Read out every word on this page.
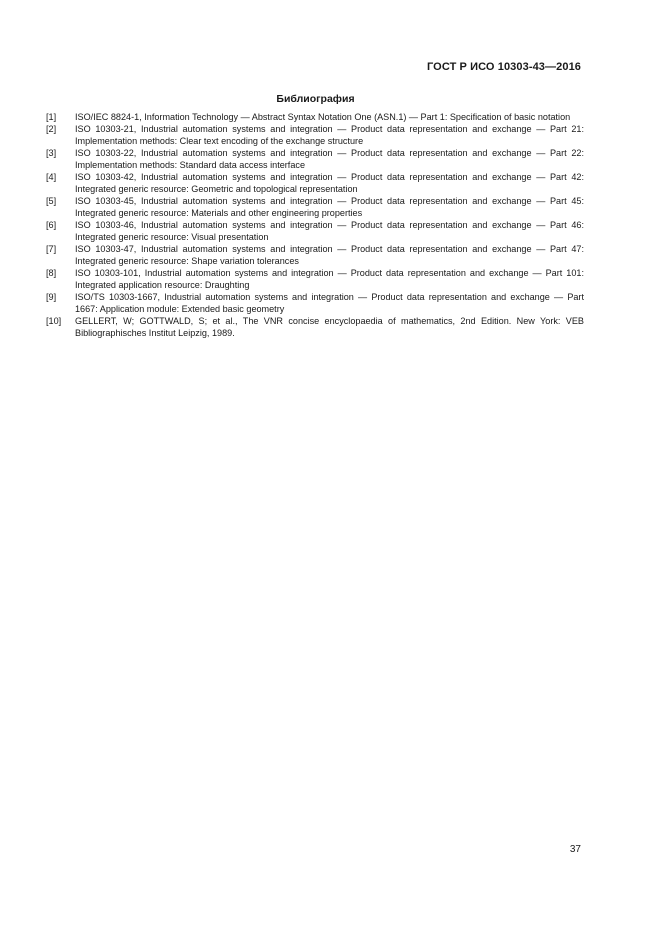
ГОСТ Р ИСО 10303-43—2016
Библиография
[1]	ISO/IEC 8824-1, Information Technology — Abstract Syntax Notation One (ASN.1) — Part 1: Specification of basic notation
[2]	ISO 10303-21, Industrial automation systems and integration — Product data representation and exchange — Part 21: Implementation methods: Clear text encoding of the exchange structure
[3]	ISO 10303-22, Industrial automation systems and integration — Product data representation and exchange — Part 22: Implementation methods: Standard data access interface
[4]	ISO 10303-42, Industrial automation systems and integration — Product data representation and exchange — Part 42: Integrated generic resource: Geometric and topological representation
[5]	ISO 10303-45, Industrial automation systems and integration — Product data representation and exchange — Part 45: Integrated generic resource: Materials and other engineering properties
[6]	ISO 10303-46, Industrial automation systems and integration — Product data representation and exchange — Part 46: Integrated generic resource: Visual presentation
[7]	ISO 10303-47, Industrial automation systems and integration — Product data representation and exchange — Part 47: Integrated generic resource: Shape variation tolerances
[8]	ISO 10303-101, Industrial automation systems and integration — Product data representation and exchange — Part 101: Integrated application resource: Draughting
[9]	ISO/TS 10303-1667, Industrial automation systems and integration — Product data representation and exchange — Part 1667: Application module: Extended basic geometry
[10]	GELLERT, W; GOTTWALD, S; et al., The VNR concise encyclopaedia of mathematics, 2nd Edition. New York: VEB Bibliographisches Institut Leipzig, 1989.
37
